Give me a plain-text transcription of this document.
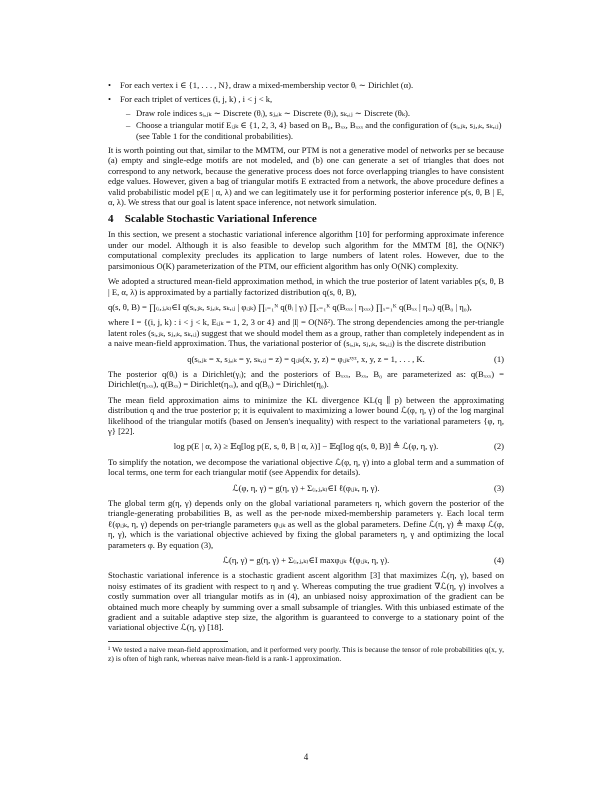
• For each vertex i ∈ {1, . . . , N}, draw a mixed-membership vector θᵢ ∼ Dirichlet (α).
• For each triplet of vertices (i, j, k) , i < j < k,
– Draw role indices sᵢ,ⱼₖ ∼ Discrete (θᵢ), sⱼ,ᵢₖ ∼ Discrete (θⱼ), sₖ,ᵢⱼ ∼ Discrete (θₖ).
– Choose a triangular motif Eᵢⱼₖ ∈ {1, 2, 3, 4} based on B₀, Bₓₓ, Bₓₓₓ and the configuration of (sᵢ,ⱼₖ, sⱼ,ᵢₖ, sₖ,ᵢⱼ) (see Table 1 for the conditional probabilities).

It is worth pointing out that, similar to the MMTM, our PTM is not a generative model of networks per se because (a) empty and single-edge motifs are not modeled, and (b) one can generate a set of triangles that does not correspond to any network, because the generative process does not force overlapping triangles to have consistent edge values. However, given a bag of triangular motifs E extracted from a network, the above procedure defines a valid probabilistic model p(E | α, λ) and we can legitimately use it for performing posterior inference p(s, θ, B | E, α, λ). We stress that our goal is latent space inference, not network simulation.

4 Scalable Stochastic Variational Inference

In this section, we present a stochastic variational inference algorithm [10] for performing approximate inference under our model. Although it is also feasible to develop such algorithm for the MMTM [8], the O(NK³) computational complexity precludes its application to large numbers of latent roles. However, due to the parsimonious O(K) parameterization of the PTM, our efficient algorithm has only O(NK) complexity.

We adopted a structured mean-field approximation method, in which the true posterior of latent variables p(s, θ, B | E, α, λ) is approximated by a partially factorized distribution q(s, θ, B),

q(s, θ, B) = ∏₍ᵢ,ⱼ,ₖ₎∈I q(sᵢ,ⱼₖ, sⱼ,ᵢₖ, sₖ,ᵢⱼ | φᵢⱼₖ) ∏ᵢ₌₁ᴺ q(θᵢ | γᵢ) ∏ₓ₌₁ᴷ q(Bₓₓₓ | ηₓₓₓ) ∏ₓ₌₁ᴷ q(Bₓₓ | ηₓₓ) q(B₀ | η₀),

where I = {(i, j, k) : i < j < k, Eᵢⱼₖ = 1, 2, 3 or 4} and |I| = O(Nδ²). The strong dependencies among the per-triangle latent roles (sᵢ,ⱼₖ, sⱼ,ᵢₖ, sₖ,ᵢⱼ) suggest that we should model them as a group, rather than completely independent as in a naive mean-field approximation. Thus, the variational posterior of (sᵢ,ⱼₖ, sⱼ,ᵢₖ, sₖ,ᵢⱼ) is the discrete distribution

q(sᵢ,ⱼₖ = x, sⱼ,ᵢₖ = y, sₖ,ᵢⱼ = z) = qᵢⱼₖ(x, y, z) = φᵢⱼₖˣʸᶻ, x, y, z = 1, . . . , K.	(1)

The posterior q(θᵢ) is a Dirichlet(γᵢ); and the posteriors of Bₓₓₓ, Bₓₓ, B₀ are parameterized as: q(Bₓₓₓ) = Dirichlet(ηₓₓₓ), q(Bₓₓ) = Dirichlet(ηₓₓ), and q(B₀) = Dirichlet(η₀).

The mean field approximation aims to minimize the KL divergence KL(q ∥ p) between the approximating distribution q and the true posterior p; it is equivalent to maximizing a lower bound ℒ(φ, η, γ) of the log marginal likelihood of the triangular motifs (based on Jensen's inequality) with respect to the variational parameters {φ, η, γ} [22].

log p(E | α, λ) ≥ 𝔼q[log p(E, s, θ, B | α, λ)] − 𝔼q[log q(s, θ, B)] ≜ ℒ(φ, η, γ).	(2)

To simplify the notation, we decompose the variational objective ℒ(φ, η, γ) into a global term and a summation of local terms, one term for each triangular motif (see Appendix for details).

ℒ(φ, η, γ) = g(η, γ) + Σ₍ᵢ,ⱼ,ₖ₎∈I ℓ(φᵢⱼₖ, η, γ).	(3)

The global term g(η, γ) depends only on the global variational parameters η, which govern the posterior of the triangle-generating probabilities B, as well as the per-node mixed-membership parameters γ. Each local term ℓ(φᵢⱼₖ, η, γ) depends on per-triangle parameters φᵢⱼₖ as well as the global parameters. Define ℒ(η, γ) ≜ maxφ ℒ(φ, η, γ), which is the variational objective achieved by fixing the global parameters η, γ and optimizing the local parameters φ. By equation (3),

ℒ(η, γ) = g(η, γ) + Σ₍ᵢ,ⱼ,ₖ₎∈I maxφᵢⱼₖ ℓ(φᵢⱼₖ, η, γ).	(4)

Stochastic variational inference is a stochastic gradient ascent algorithm [3] that maximizes ℒ(η, γ), based on noisy estimates of its gradient with respect to η and γ. Whereas computing the true gradient ∇ℒ(η, γ) involves a costly summation over all triangular motifs as in (4), an unbiased noisy approximation of the gradient can be obtained much more cheaply by summing over a small subsample of triangles. With this unbiased estimate of the gradient and a suitable adaptive step size, the algorithm is guaranteed to converge to a stationary point of the variational objective ℒ(η, γ) [18].

¹ We tested a naive mean-field approximation, and it performed very poorly. This is because the tensor of role probabilities q(x, y, z) is often of high rank, whereas naive mean-field is a rank-1 approximation.
4
